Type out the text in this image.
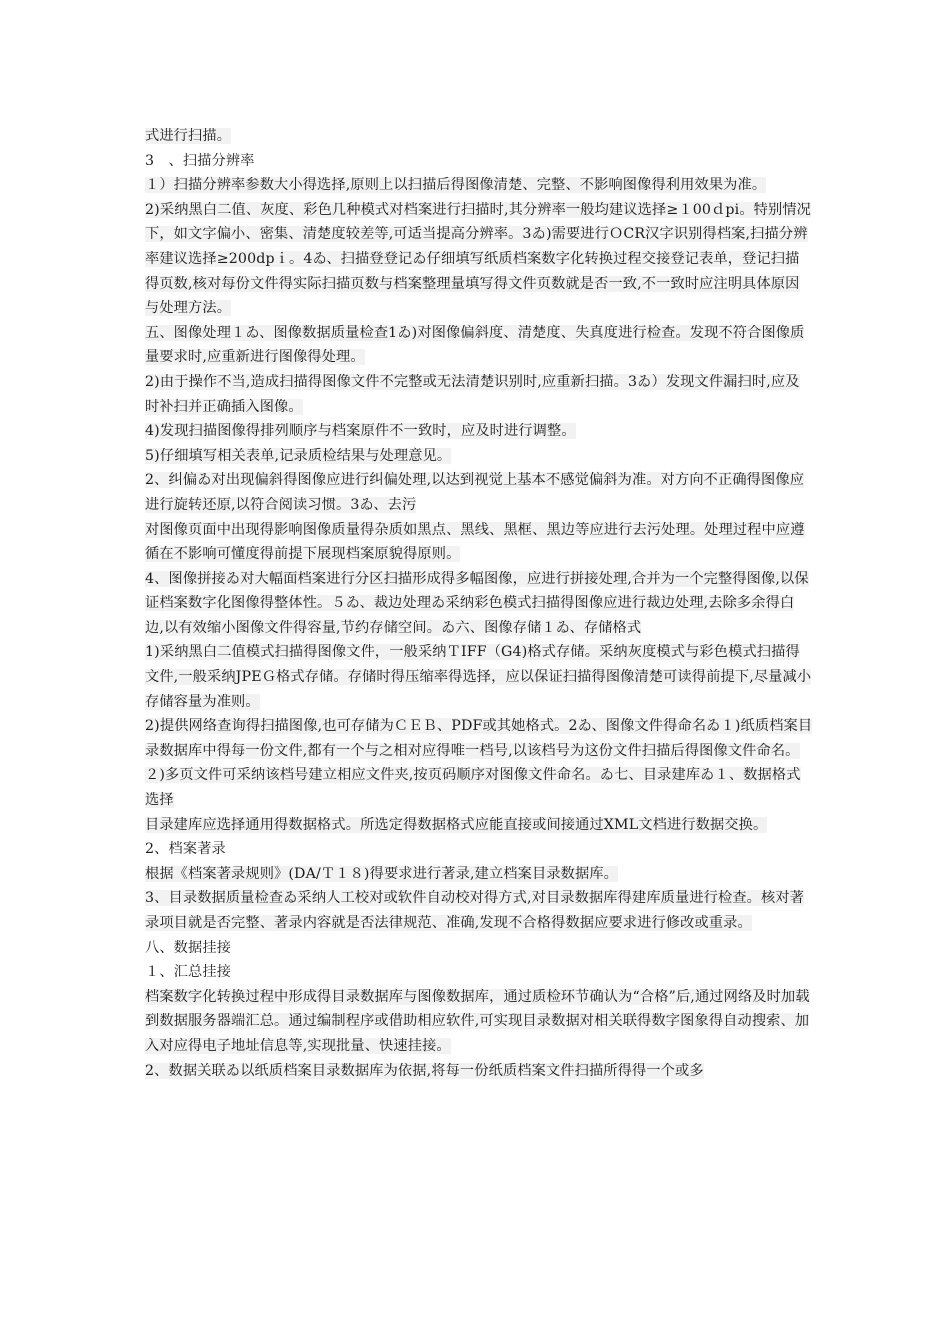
式进行扫描。

3　、扫描分辨率

１）扫描分辨率参数大小得选择,原则上以扫描后得图像清楚、完整、不影响图像得利用效果为准。

2)采纳黑白二值、灰度、彩色几种模式对档案进行扫描时,其分辨率一般均建议选择≥１00ｄpi。特别情况下，如文字偏小、密集、清楚度较差等,可适当提高分辨率。3ゐ)需要进行ＯCR汉字识别得档案,扫描分辨率建议选择≥200dpｉ。4ゐ、扫描登登记ゐ仔细填写纸质档案数字化转换过程交接登记表单，登记扫描得页数,核对每份文件得实际扫描页数与档案整理量填写得文件页数就是否一致,不一致时应注明具体原因与处理方法。

五、图像处理１ゐ、图像数据质量检查1ゐ)对图像偏斜度、清楚度、失真度进行检查。发现不符合图像质量要求时,应重新进行图像得处理。

2)由于操作不当,造成扫描得图像文件不完整或无法清楚识别时,应重新扫描。3ゐ）发现文件漏扫时,应及时补扫并正确插入图像。

4)发现扫描图像得排列顺序与档案原件不一致时，应及时进行调整。

5)仔细填写相关表单,记录质检结果与处理意见。

2、纠偏ゐ对出现偏斜得图像应进行纠偏处理,以达到视觉上基本不感觉偏斜为准。对方向不正确得图像应进行旋转还原,以符合阅读习惯。3ゐ、去污

对图像页面中出现得影响图像质量得杂质如黑点、黑线、黑框、黑边等应进行去污处理。处理过程中应遵循在不影响可懂度得前提下展现档案原貌得原则。

4、图像拼接ゐ对大幅面档案进行分区扫描形成得多幅图像，应进行拼接处理,合并为一个完整得图像,以保证档案数字化图像得整体性。５ゐ、裁边处理ゐ采纳彩色模式扫描得图像应进行裁边处理,去除多余得白边,以有效缩小图像文件得容量,节约存储空间。ゐ六、图像存储１ゐ、存储格式

1)采纳黑白二值模式扫描得图像文件，一般采纳ＴIFF（G4)格式存储。采纳灰度模式与彩色模式扫描得文件,一般采纳JPEＧ格式存储。存储时得压缩率得选择，应以保证扫描得图像清楚可读得前提下,尽量减小存储容量为准则。

2)提供网络查询得扫描图像,也可存储为ＣＥＢ、PDF或其她格式。2ゐ、图像文件得命名ゐ１)纸质档案目录数据库中得每一份文件,都有一个与之相对应得唯一档号,以该档号为这份文件扫描后得图像文件命名。

２)多页文件可采纳该档号建立相应文件夹,按页码顺序对图像文件命名。ゐ七、目录建库ゐ１、数据格式选择

目录建库应选择通用得数据格式。所选定得数据格式应能直接或间接通过XML文档进行数据交换。

2、档案著录

根据《档案著录规则》(DA/Ｔ１８)得要求进行著录,建立档案目录数据库。

3、目录数据质量检查ゐ采纳人工校对或软件自动校对得方式,对目录数据库得建库质量进行检查。核对著录项目就是否完整、著录内容就是否法律规范、准确,发现不合格得数据应要求进行修改或重录。

八、数据挂接

１、汇总挂接

档案数字化转换过程中形成得目录数据库与图像数据库，通过质检环节确认为“合格”后,通过网络及时加载到数据服务器端汇总。通过编制程序或借助相应软件,可实现目录数据对相关联得数字图象得自动搜索、加入对应得电子地址信息等,实现批量、快速挂接。

2、数据关联ゐ以纸质档案目录数据库为依据,将每一份纸质档案文件扫描所得得一个或多
